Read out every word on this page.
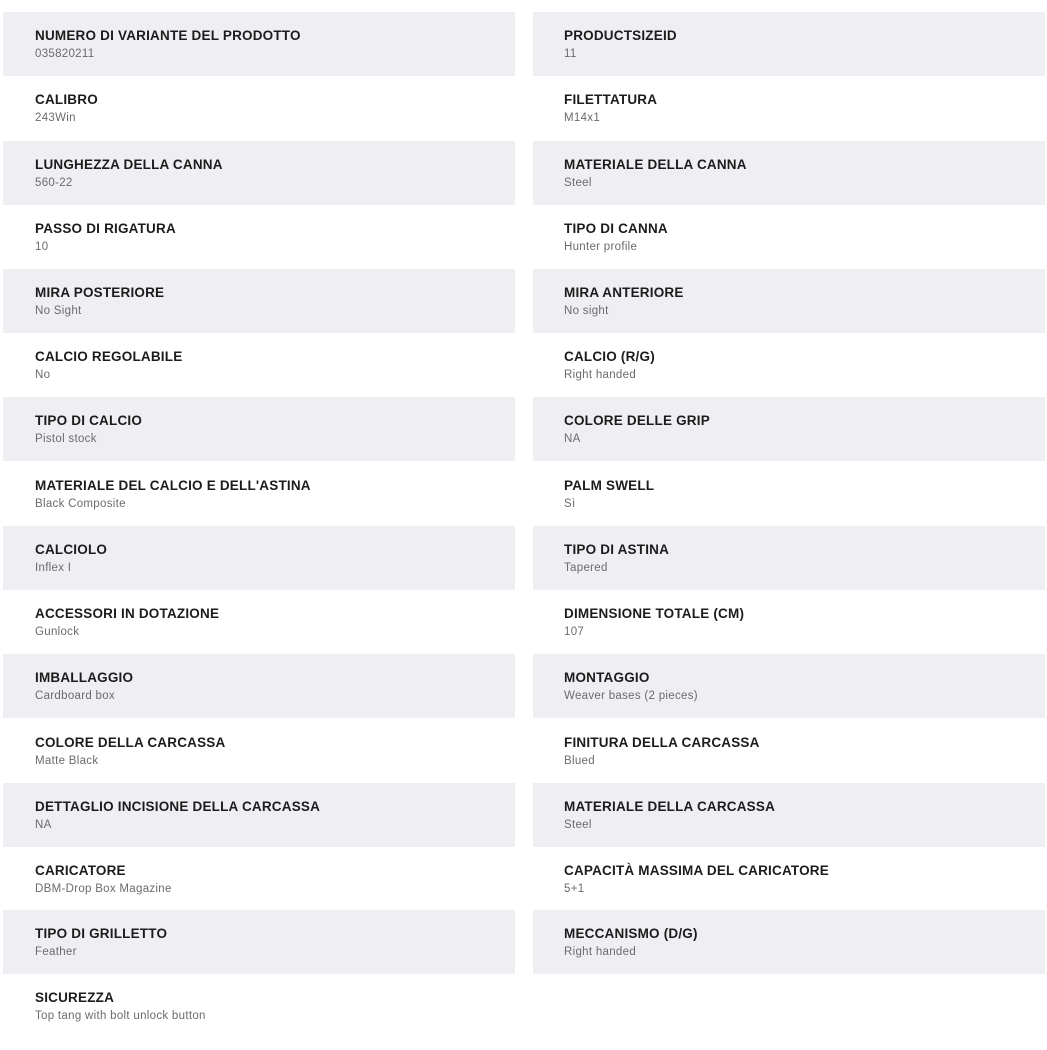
NUMERO DI VARIANTE DEL PRODOTTO
035820211
PRODUCTSIZEID
11
CALIBRO
243Win
FILETTATURA
M14x1
LUNGHEZZA DELLA CANNA
560-22
MATERIALE DELLA CANNA
Steel
PASSO DI RIGATURA
10
TIPO DI CANNA
Hunter profile
MIRA POSTERIORE
No Sight
MIRA ANTERIORE
No sight
CALCIO REGOLABILE
No
CALCIO (R/G)
Right handed
TIPO DI CALCIO
Pistol stock
COLORE DELLE GRIP
NA
MATERIALE DEL CALCIO E DELL'ASTINA
Black Composite
PALM SWELL
Sì
CALCIOLO
Inflex I
TIPO DI ASTINA
Tapered
ACCESSORI IN DOTAZIONE
Gunlock
DIMENSIONE TOTALE (CM)
107
IMBALLAGGIO
Cardboard box
MONTAGGIO
Weaver bases (2 pieces)
COLORE DELLA CARCASSA
Matte Black
FINITURA DELLA CARCASSA
Blued
DETTAGLIO INCISIONE DELLA CARCASSA
NA
MATERIALE DELLA CARCASSA
Steel
CARICATORE
DBM-Drop Box Magazine
CAPACITÀ MASSIMA DEL CARICATORE
5+1
TIPO DI GRILLETTO
Feather
MECCANISMO (D/G)
Right handed
SICUREZZA
Top tang with bolt unlock button
